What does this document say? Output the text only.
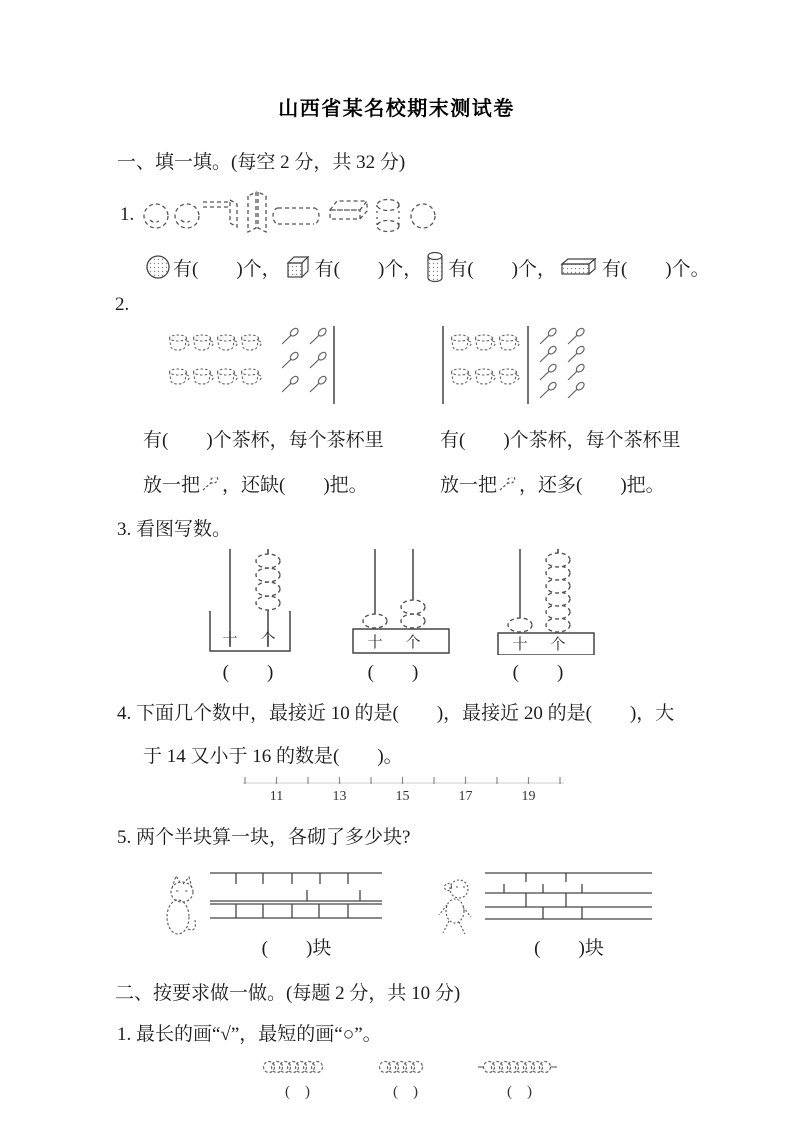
山西省某名校期末测试卷
一、填一填。(每空 2 分，共 32 分)
1.
有(　　)个， 有(　　)个， 有(　　)个， 有(　　)个。
2.
有(　　)个茶杯，每个茶杯里
放一把 ，还缺(　　)把。
有(　　)个茶杯，每个茶杯里
放一把 ，还多(　　)把。
3. 看图写数。
十 个	十 个	十 个
(　　)	(　　)	(　　)
4. 下面几个数中，最接近 10 的是(　　)，最接近 20 的是(　　)，大
于 14 又小于 16 的数是(　　)。
11	13	15	17	19
5. 两个半块算一块，各砌了多少块?
(　　)块	(　　)块
二、按要求做一做。(每题 2 分，共 10 分)
1. 最长的画“√”，最短的画“○”。
(　)	(　)	(　)
